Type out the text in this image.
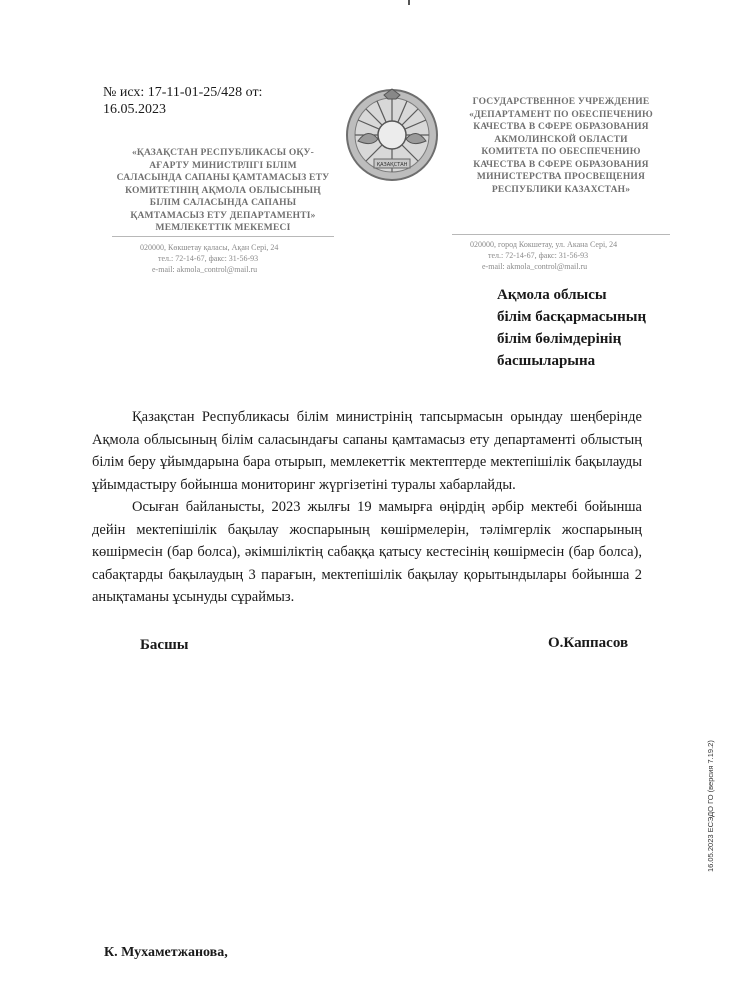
№ исх: 17-11-01-25/428 от:
16.05.2023
«ҚАЗАҚСТАН РЕСПУБЛИКАСЫ ОҚУ-
АҒАРТУ МИНИСТРЛІГІ БІЛІМ
САЛАСЫНДА САПАНЫ ҚАМТАМАСЫЗ ЕТУ
КОМИТЕТІНІҢ АҚМОЛА ОБЛЫСЫНЫҢ
БІЛІМ САЛАСЫНДА САПАНЫ
ҚАМТАМАСЫЗ ЕТУ ДЕПАРТАМЕНТІ»
МЕМЛЕКЕТТІК МЕКЕМЕСІ
ҚАЗАҚСТАН
ГОСУДАРСТВЕННОЕ УЧРЕЖДЕНИЕ
«ДЕПАРТАМЕНТ ПО ОБЕСПЕЧЕНИЮ
КАЧЕСТВА В СФЕРЕ ОБРАЗОВАНИЯ
АКМОЛИНСКОЙ ОБЛАСТИ
КОМИТЕТА ПО ОБЕСПЕЧЕНИЮ
КАЧЕСТВА В СФЕРЕ ОБРАЗОВАНИЯ
МИНИСТЕРСТВА ПРОСВЕЩЕНИЯ
РЕСПУБЛИКИ КАЗАХСТАН»
020000, Көкшетау қаласы, Ақан Сері, 24
тел.: 72-14-67, факс: 31-56-93
e-mail: akmola_control@mail.ru
020000, город Кокшетау, ул. Акана Сері, 24
тел.: 72-14-67, факс: 31-56-93
e-mail: akmola_control@mail.ru
Ақмола облысы
білім басқармасының
білім бөлімдерінің
басшыларына

Қазақстан Республикасы білім министрінің тапсырмасын орындау шеңберінде Ақмола облысының білім саласындағы сапаны қамтамасыз ету департаменті облыстың білім беру ұйымдарына бара отырып, мемлекеттік мектептерде мектепішілік бақылауды ұйымдастыру бойынша мониторинг жүргізетіні туралы хабарлайды.

Осыған байланысты, 2023 жылғы 19 мамырға өңірдің әрбір мектебі бойынша дейін мектепішілік бақылау жоспарының көшірмелерін, тәлімгерлік жоспарының көшірмесін (бар болса), әкімшіліктің сабаққа қатысу кестесінің көшірмесін (бар болса), сабақтарды бақылаудың 3 парағын, мектепішілік бақылау қорытындылары бойынша 2 анықтаманы ұсынуды сұраймыз.

Басшы	О.Каппасов
16.05.2023 ЕСЭДО ГО (версия 7.19.2)
К. Мухаметжанова,
